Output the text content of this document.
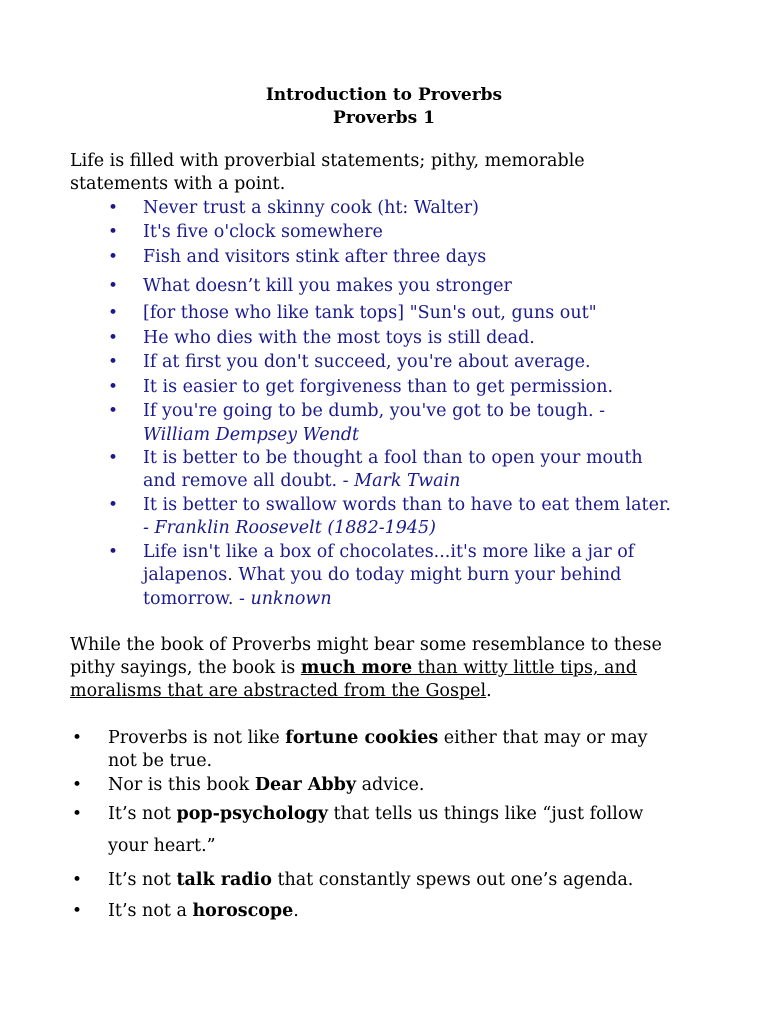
Introduction to Proverbs
Proverbs 1
Life is filled with proverbial statements; pithy, memorable
statements with a point.
• Never trust a skinny cook (ht: Walter)
• It's five o'clock somewhere
• Fish and visitors stink after three days
• What doesn’t kill you makes you stronger
• [for those who like tank tops] "Sun's out, guns out"
• He who dies with the most toys is still dead.
• If at first you don't succeed, you're about average.
• It is easier to get forgiveness than to get permission.
• If you're going to be dumb, you've got to be tough. -
William Dempsey Wendt
• It is better to be thought a fool than to open your mouth
and remove all doubt. - Mark Twain
• It is better to swallow words than to have to eat them later.
- Franklin Roosevelt (1882-1945)
• Life isn't like a box of chocolates...it's more like a jar of
jalapenos. What you do today might burn your behind
tomorrow. - unknown
While the book of Proverbs might bear some resemblance to these
pithy sayings, the book is much more than witty little tips, and
moralisms that are abstracted from the Gospel.
• Proverbs is not like fortune cookies either that may or may
not be true.
• Nor is this book Dear Abby advice.
• It’s not pop-psychology that tells us things like “just follow
your heart.”
• It’s not talk radio that constantly spews out one’s agenda.
• It’s not a horoscope.
